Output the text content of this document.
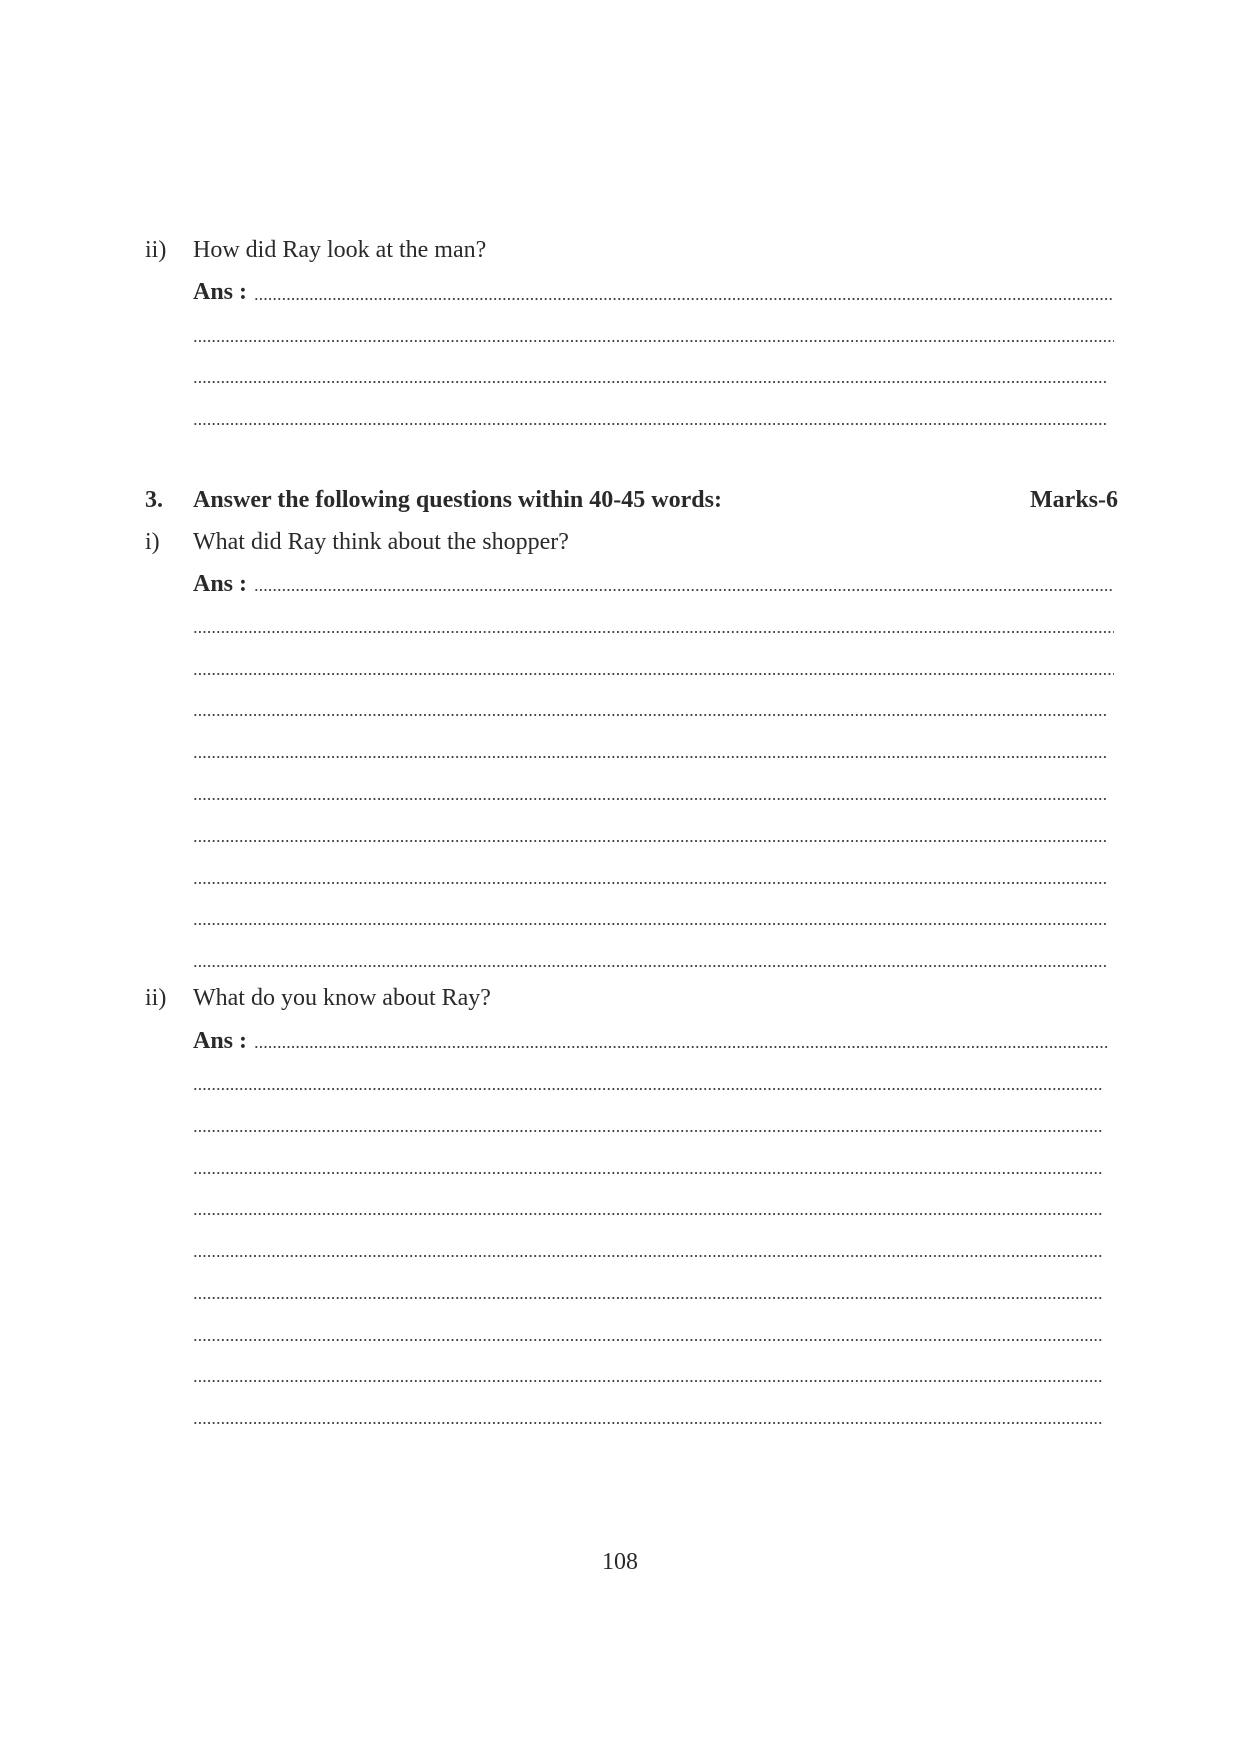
ii) How did Ray look at the man?
Ans :
3. Answer the following questions within 40-45 words:	Marks-6
i) What did Ray think about the shopper?
Ans :
ii) What do you know about Ray?
Ans :
108
